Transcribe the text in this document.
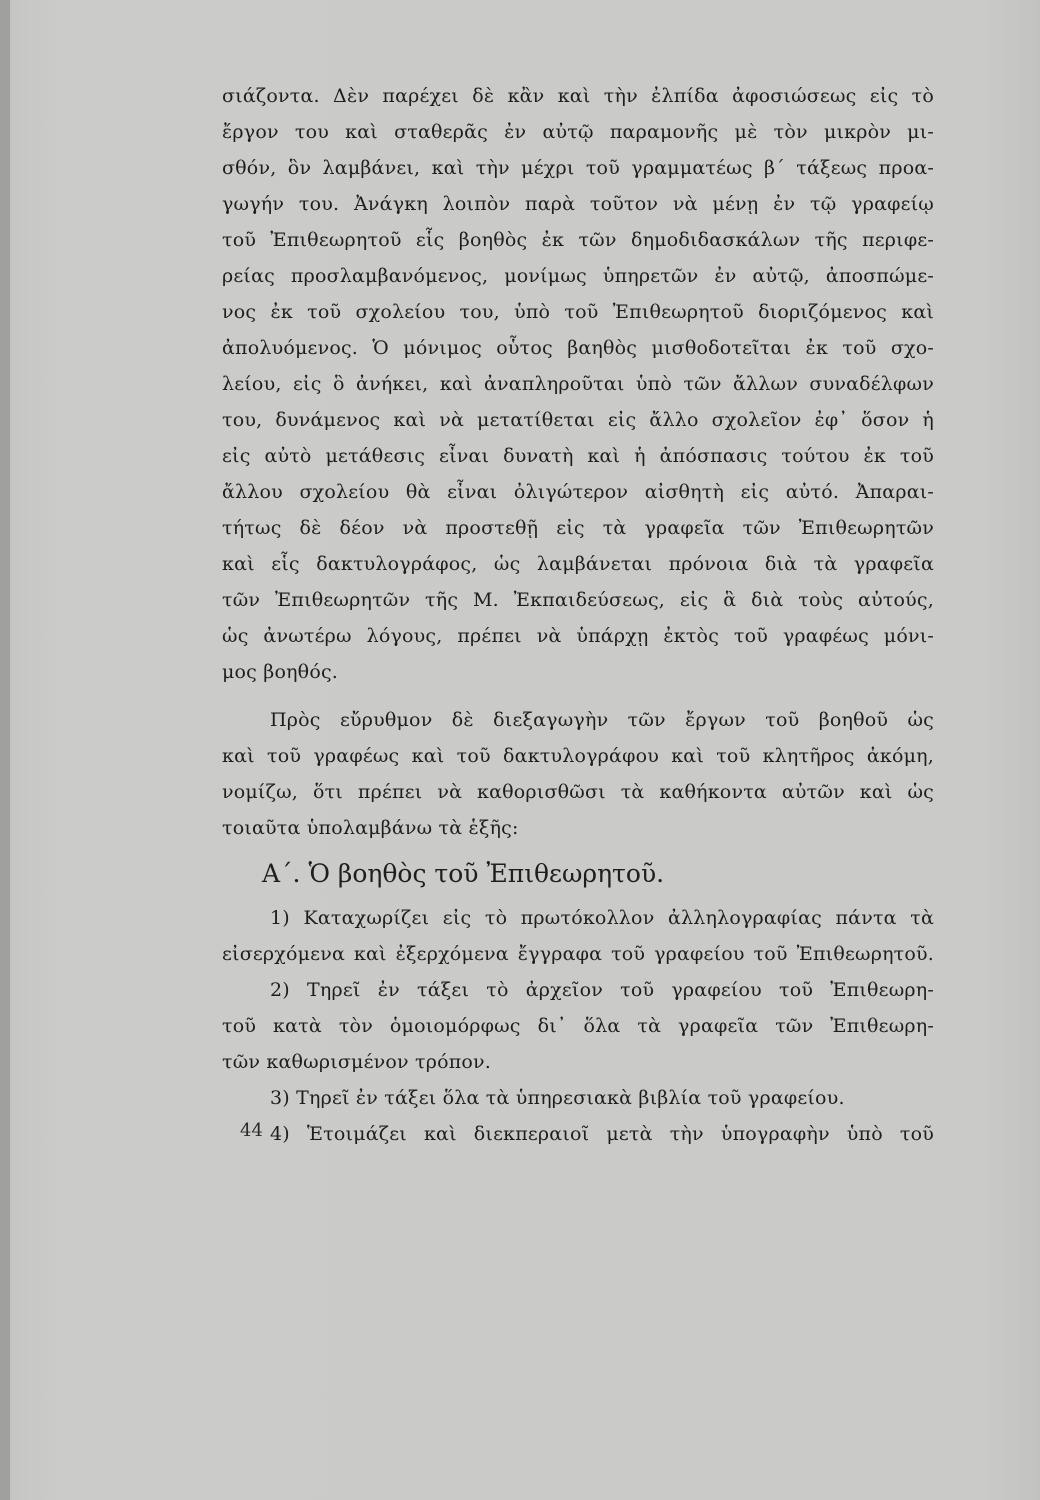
σιάζοντα. Δὲν παρέχει δὲ κἂν καὶ τὴν ἐλπίδα ἀφοσιώσεως εἰς τὸ
ἔργον του καὶ σταθερᾶς ἐν αὐτῷ παραμονῆς μὲ τὸν μικρὸν μι-
σθόν, ὃν λαμβάνει, καὶ τὴν μέχρι τοῦ γραμματέως β΄ τάξεως προα-
γωγήν του. Ἀνάγκη λοιπὸν παρὰ τοῦτον νὰ μένῃ ἐν τῷ γραφείῳ
τοῦ Ἐπιθεωρητοῦ εἷς βοηθὸς ἐκ τῶν δημοδιδασκάλων τῆς περιφε-
ρείας προσλαμβανόμενος, μονίμως ὑπηρετῶν ἐν αὐτῷ, ἀποσπώμε-
νος ἐκ τοῦ σχολείου του, ὑπὸ τοῦ Ἐπιθεωρητοῦ διοριζόμενος καὶ
ἀπολυόμενος. Ὁ μόνιμος οὗτος βαηθὸς μισθοδοτεῖται ἐκ τοῦ σχο-
λείου, εἰς ὃ ἀνήκει, καὶ ἀναπληροῦται ὑπὸ τῶν ἄλλων συναδέλφων
του, δυνάμενος καὶ νὰ μετατίθεται εἰς ἄλλο σχολεῖον ἐφ᾽ ὅσον ἡ
εἰς αὐτὸ μετάθεσις εἶναι δυνατὴ καὶ ἡ ἀπόσπασις τούτου ἐκ τοῦ
ἄλλου σχολείου θὰ εἶναι ὀλιγώτερον αἰσθητὴ εἰς αὐτό. Ἀπαραι-
τήτως δὲ δέον νὰ προστεθῇ εἰς τὰ γραφεῖα τῶν Ἐπιθεωρητῶν
καὶ εἷς δακτυλογράφος, ὡς λαμβάνεται πρόνοια διὰ τὰ γραφεῖα
τῶν Ἐπιθεωρητῶν τῆς Μ. Ἐκπαιδεύσεως, εἰς ἃ διὰ τοὺς αὐτούς,
ὡς ἀνωτέρω λόγους, πρέπει νὰ ὑπάρχῃ ἐκτὸς τοῦ γραφέως μόνι-
μος βοηθός.
Πρὸς εὔρυθμον δὲ διεξαγωγὴν τῶν ἔργων τοῦ βοηθοῦ ὡς
καὶ τοῦ γραφέως καὶ τοῦ δακτυλογράφου καὶ τοῦ κλητῆρος ἀκόμη,
νομίζω, ὅτι πρέπει νὰ καθορισθῶσι τὰ καθήκοντα αὐτῶν καὶ ὡς
τοιαῦτα ὑπολαμβάνω τὰ ἑξῆς:
Α΄. Ὁ βοηθὸς τοῦ Ἐπιθεωρητοῦ.
1) Καταχωρίζει εἰς τὸ πρωτόκολλον ἀλληλογραφίας πάντα τὰ
εἰσερχόμενα καὶ ἐξερχόμενα ἔγγραφα τοῦ γραφείου τοῦ Ἐπιθεωρητοῦ.
2) Τηρεῖ ἐν τάξει τὸ ἀρχεῖον τοῦ γραφείου τοῦ Ἐπιθεωρη-
τοῦ κατὰ τὸν ὁμοιομόρφως δι᾽ ὅλα τὰ γραφεῖα τῶν Ἐπιθεωρη-
τῶν καθωρισμένον τρόπον.
3) Τηρεῖ ἐν τάξει ὅλα τὰ ὑπηρεσιακὰ βιβλία τοῦ γραφείου.
4) Ἑτοιμάζει καὶ διεκπεραιοῖ μετὰ τὴν ὑπογραφὴν ὑπὸ τοῦ
44
